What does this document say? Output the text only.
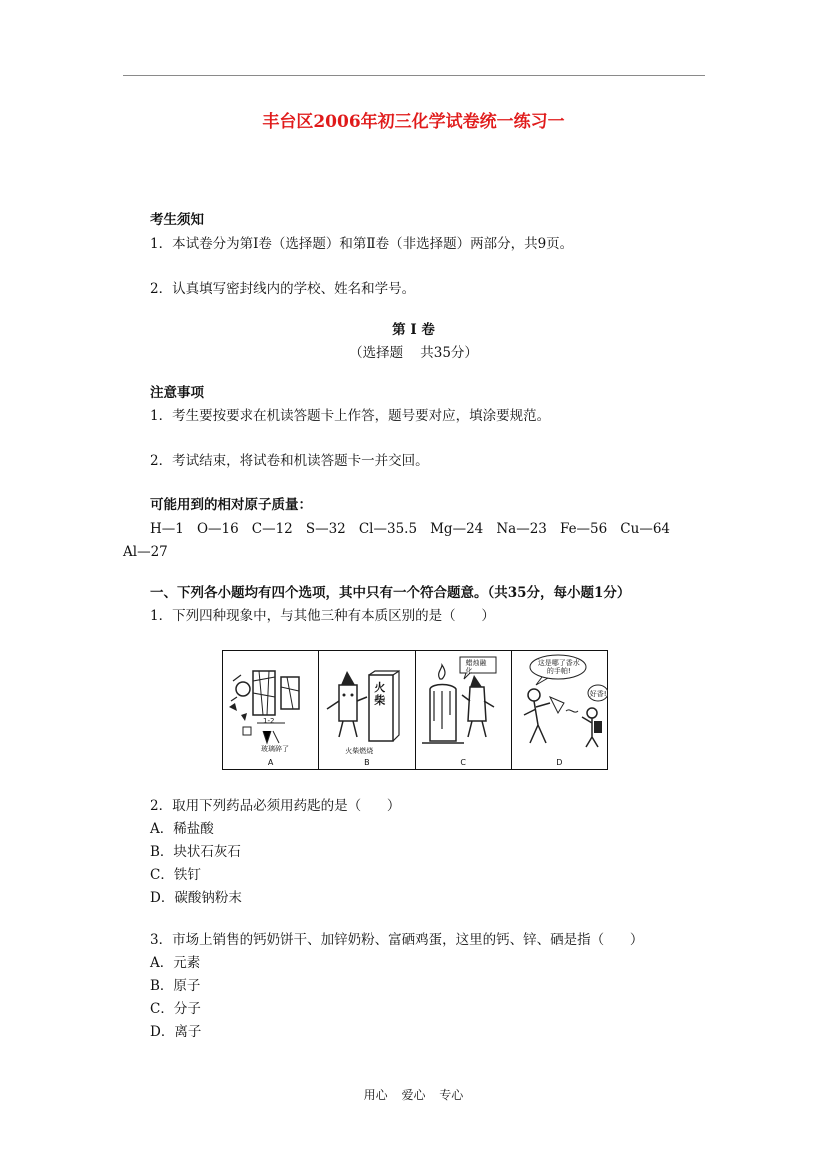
丰台区2006年初三化学试卷统一练习一
考生须知
1．本试卷分为第Ⅰ卷（选择题）和第Ⅱ卷（非选择题）两部分，共9页。
2．认真填写密封线内的学校、姓名和学号。
第 Ⅰ 卷
（选择题    共35分）
注意事项
1．考生要按要求在机读答题卡上作答，题号要对应，填涂要规范。
2．考试结束，将试卷和机读答题卡一并交回。
可能用到的相对原子质量：
H—1 O—16 C—12 S—32 Cl—35.5 Mg—24 Na—23 Fe—56 Cu—64
Al—27
一、下列各小题均有四个选项，其中只有一个符合题意。（共35分，每小题1分）
1．下列四种现象中，与其他三种有本质区别的是（      ）
1-2
玻璃碎了
A
火柴
火柴燃烧
B
蜡烛融化
C
这是哪了香水的手帕!
好香!
D
2．取用下列药品必须用药匙的是（      ）
A．稀盐酸
B．块状石灰石
C．铁钉
D．碳酸钠粉末
3．市场上销售的钙奶饼干、加锌奶粉、富硒鸡蛋，这里的钙、锌、硒是指（      ）
A．元素
B．原子
C．分子
D．离子
用心 爱心 专心
